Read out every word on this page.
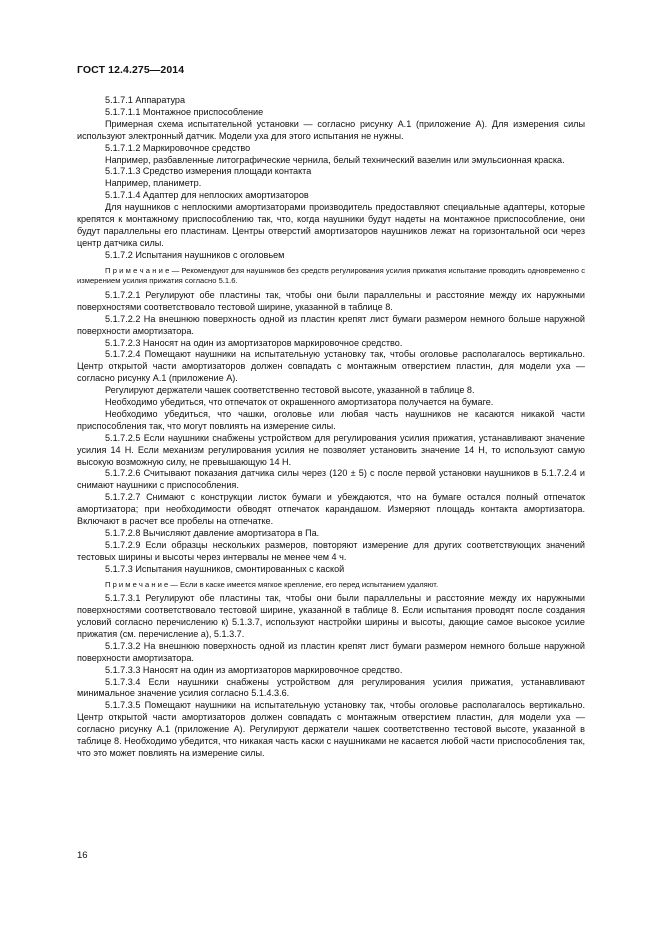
ГОСТ 12.4.275—2014

5.1.7.1 Аппаратура

5.1.7.1.1 Монтажное приспособление

Примерная схема испытательной установки — согласно рисунку А.1 (приложение А). Для измерения силы используют электронный датчик. Модели уха для этого испытания не нужны.

5.1.7.1.2 Маркировочное средство

Например, разбавленные литографические чернила, белый технический вазелин или эмульсионная краска.

5.1.7.1.3 Средство измерения площади контакта

Например, планиметр.

5.1.7.1.4 Адаптер для неплоских амортизаторов

Для наушников с неплоскими амортизаторами производитель предоставляют специальные адаптеры, которые крепятся к монтажному приспособлению так, что, когда наушники будут надеты на монтажное приспособление, они будут параллельны его пластинам. Центры отверстий амортизаторов наушников лежат на горизонтальной оси через центр датчика силы.

5.1.7.2 Испытания наушников с оголовьем

П р и м е ч а н и е — Рекомендуют для наушников без средств регулирования усилия прижатия испытание проводить одновременно с измерением усилия прижатия согласно 5.1.6.

5.1.7.2.1 Регулируют обе пластины так, чтобы они были параллельны и расстояние между их наружными поверхностями соответствовало тестовой ширине, указанной в таблице 8.

5.1.7.2.2 На внешнюю поверхность одной из пластин крепят лист бумаги размером немного больше наружной поверхности амортизатора.

5.1.7.2.3 Наносят на один из амортизаторов маркировочное средство.

5.1.7.2.4 Помещают наушники на испытательную установку так, чтобы оголовье располагалось вертикально. Центр открытой части амортизаторов должен совпадать с монтажным отверстием пластин, для модели уха — согласно рисунку А.1 (приложение А).

Регулируют держатели чашек соответственно тестовой высоте, указанной в таблице 8.

Необходимо убедиться, что отпечаток от окрашенного амортизатора получается на бумаге.

Необходимо убедиться, что чашки, оголовье или любая часть наушников не касаются никакой части приспособления так, что могут повлиять на измерение силы.

5.1.7.2.5 Если наушники снабжены устройством для регулирования усилия прижатия, устанавливают значение усилия 14 Н. Если механизм регулирования усилия не позволяет установить значение 14 Н, то используют самую высокую возможную силу, не превышающую 14 Н.

5.1.7.2.6 Считывают показания датчика силы через (120 ± 5) с после первой установки наушников в 5.1.7.2.4 и снимают наушники с приспособления.

5.1.7.2.7 Снимают с конструкции листок бумаги и убеждаются, что на бумаге остался полный отпечаток амортизатора; при необходимости обводят отпечаток карандашом. Измеряют площадь контакта амортизатора. Включают в расчет все пробелы на отпечатке.

5.1.7.2.8 Вычисляют давление амортизатора в Па.

5.1.7.2.9 Если образцы нескольких размеров, повторяют измерение для других соответствующих значений тестовых ширины и высоты через интервалы не менее чем 4 ч.

5.1.7.3 Испытания наушников, смонтированных с каской

П р и м е ч а н и е — Если в каске имеется мягкое крепление, его перед испытанием удаляют.

5.1.7.3.1 Регулируют обе пластины так, чтобы они были параллельны и расстояние между их наружными поверхностями соответствовало тестовой ширине, указанной в таблице 8. Если испытания проводят после создания условий согласно перечислению к) 5.1.3.7, используют настройки ширины и высоты, дающие самое высокое усилие прижатия (см. перечисление а), 5.1.3.7.

5.1.7.3.2 На внешнюю поверхность одной из пластин крепят лист бумаги размером немного больше наружной поверхности амортизатора.

5.1.7.3.3 Наносят на один из амортизаторов маркировочное средство.

5.1.7.3.4 Если наушники снабжены устройством для регулирования усилия прижатия, устанавливают минимальное значение усилия согласно 5.1.4.3.6.

5.1.7.3.5 Помещают наушники на испытательную установку так, чтобы оголовье располагалось вертикально. Центр открытой части амортизаторов должен совпадать с монтажным отверстием пластин, для модели уха — согласно рисунку А.1 (приложение А). Регулируют держатели чашек соответственно тестовой высоте, указанной в таблице 8. Необходимо убедится, что никакая часть каски с наушниками не касается любой части приспособления так, что это может повлиять на измерение силы.

16
